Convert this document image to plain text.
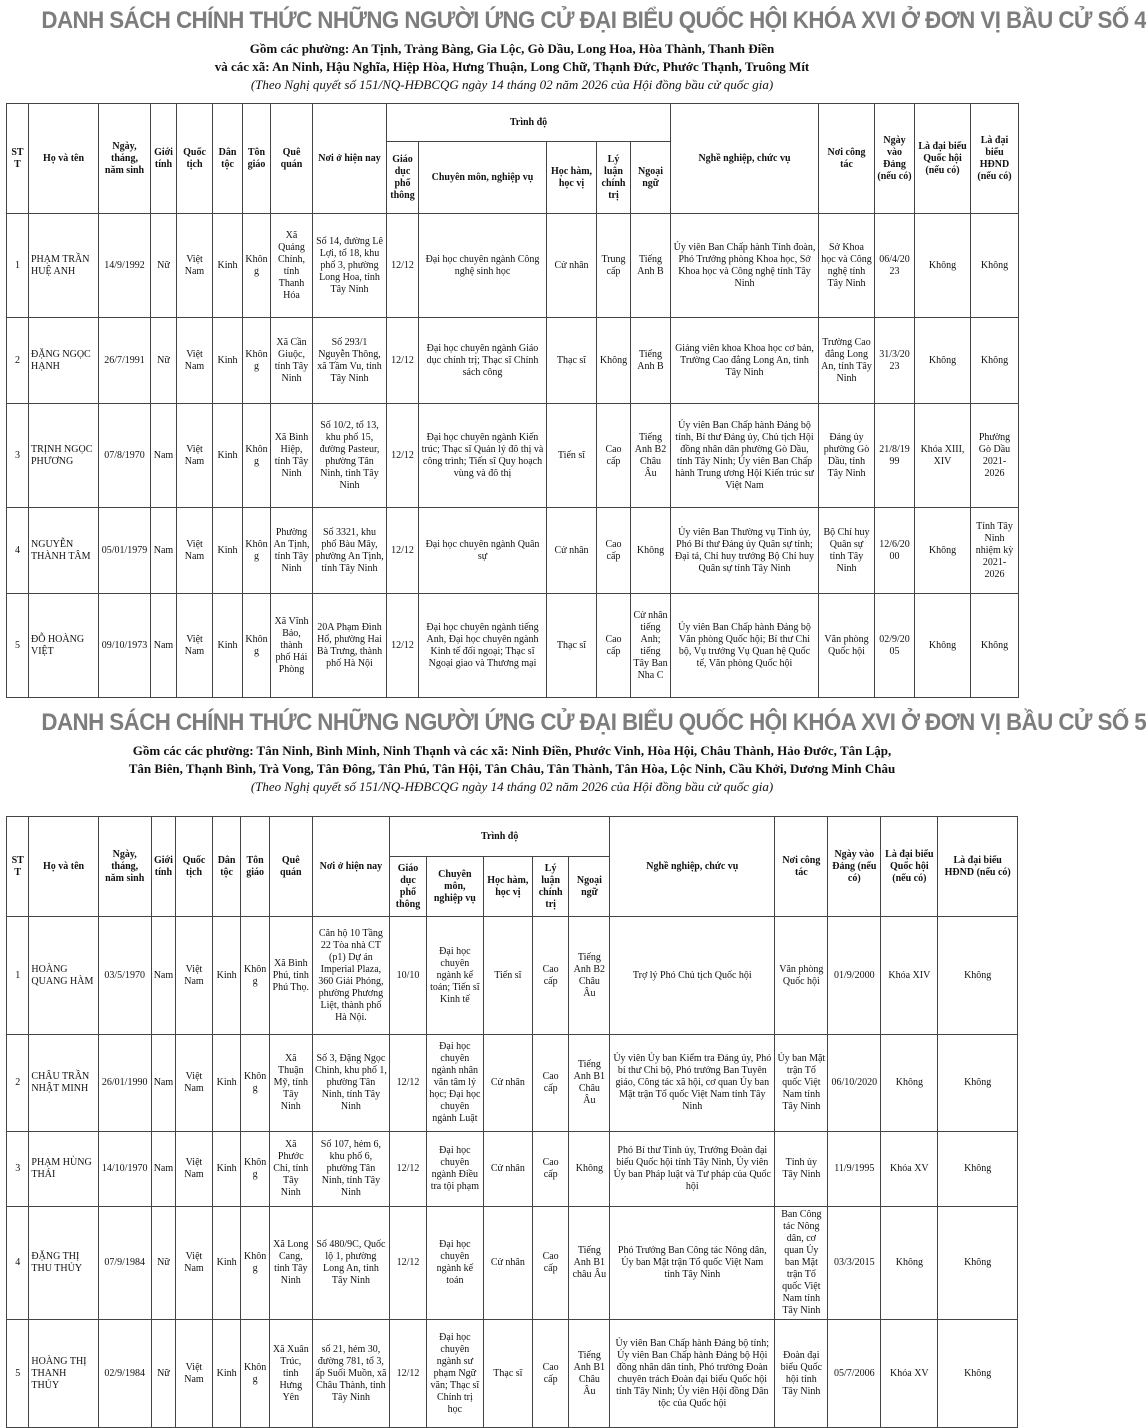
DANH SÁCH CHÍNH THỨC NHỮNG NGƯỜI ỨNG CỬ ĐẠI BIỂU QUỐC HỘI KHÓA XVI Ở ĐƠN VỊ BẦU CỬ SỐ 4
Gồm các phường: An Tịnh, Trảng Bàng, Gia Lộc, Gò Dầu, Long Hoa, Hòa Thành, Thanh Điền
và các xã: An Ninh, Hậu Nghĩa, Hiệp Hòa, Hưng Thuận, Long Chữ, Thạnh Đức, Phước Thạnh, Truông Mít
(Theo Nghị quyết số 151/NQ-HĐBCQG ngày 14 tháng 02 năm 2026 của Hội đồng bầu cử quốc gia)
STT	Họ và tên	Ngày, tháng, năm sinh	Giới tính	Quốc tịch	Dân tộc	Tôn giáo	Quê quán	Nơi ở hiện nay	Trình độ					Nghề nghiệp, chức vụ	Nơi công tác	Ngày vào Đảng (nếu có)	Là đại biểu Quốc hội (nếu có)	Là đại biểu HĐND (nếu có)
									Giáo dục phổ thông	Chuyên môn, nghiệp vụ	Học hàm, học vị	Lý luận chính trị	Ngoại ngữ					
1	PHẠM TRẦN HUỆ ANH	14/9/1992	Nữ	Việt Nam	Kinh	Không	Xã Quảng Chính, tỉnh Thanh Hóa	Số 14, đường Lê Lợi, tổ 18, khu phố 3, phường Long Hoa, tỉnh Tây Ninh	12/12	Đại học chuyên ngành Công nghệ sinh học	Cử nhân	Trung cấp	Tiếng Anh B	Ủy viên Ban Chấp hành Tỉnh đoàn, Phó Trưởng phòng Khoa học, Sở Khoa học và Công nghệ tỉnh Tây Ninh	Sở Khoa học và Công nghệ tỉnh Tây Ninh	06/4/2023	Không	Không
2	ĐẶNG NGỌC HẠNH	26/7/1991	Nữ	Việt Nam	Kinh	Không	Xã Cần Giuộc, tỉnh Tây Ninh	Số 293/1 Nguyễn Thông, xã Tầm Vu, tỉnh Tây Ninh	12/12	Đại học chuyên ngành Giáo dục chính trị; Thạc sĩ Chính sách công	Thạc sĩ	Không	Tiếng Anh B	Giảng viên khoa Khoa học cơ bản, Trường Cao đẳng Long An, tỉnh Tây Ninh	Trường Cao đẳng Long An, tỉnh Tây Ninh	31/3/2023	Không	Không
3	TRỊNH NGỌC PHƯƠNG	07/8/1970	Nam	Việt Nam	Kinh	Không	Xã Bình Hiệp, tỉnh Tây Ninh	Số 10/2, tổ 13, khu phố 15, đường Pasteur, phường Tân Ninh, tỉnh Tây Ninh	12/12	Đại học chuyên ngành Kiến trúc; Thạc sĩ Quản lý đô thị và công trình; Tiến sĩ Quy hoạch vùng và đô thị	Tiến sĩ	Cao cấp	Tiếng Anh B2 Châu Âu	Ủy viên Ban Chấp hành Đảng bộ tỉnh, Bí thư Đảng ủy, Chủ tịch Hội đồng nhân dân phường Gò Dầu, tỉnh Tây Ninh; Ủy viên Ban Chấp hành Trung ương Hội Kiến trúc sư Việt Nam	Đảng ủy phường Gò Dầu, tỉnh Tây Ninh	21/8/1999	Khóa XIII, XIV	Phường Gò Dầu 2021-2026
4	NGUYỄN THÀNH TÂM	05/01/1979	Nam	Việt Nam	Kinh	Không	Phường An Tịnh, tỉnh Tây Ninh	Số 3321, khu phố Bàu Mây, phường An Tịnh, tỉnh Tây Ninh	12/12	Đại học chuyên ngành Quân sự	Cử nhân	Cao cấp	Không	Ủy viên Ban Thường vụ Tỉnh ủy, Phó Bí thư Đảng ủy Quân sự tỉnh; Đại tá, Chỉ huy trưởng Bộ Chỉ huy Quân sự tỉnh Tây Ninh	Bộ Chỉ huy Quân sự tỉnh Tây Ninh	12/6/2000	Không	Tỉnh Tây Ninh nhiệm kỳ 2021-2026
5	ĐỖ HOÀNG VIỆT	09/10/1973	Nam	Việt Nam	Kinh	Không	Xã Vĩnh Bảo, thành phố Hải Phòng	20A Phạm Đình Hổ, phường Hai Bà Trưng, thành phố Hà Nội	12/12	Đại học chuyên ngành tiếng Anh, Đại học chuyên ngành Kinh tế đối ngoại; Thạc sĩ Ngoại giao và Thương mại	Thạc sĩ	Cao cấp	Cử nhân tiếng Anh; tiếng Tây Ban Nha C	Ủy viên Ban Chấp hành Đảng bộ Văn phòng Quốc hội; Bí thư Chi bộ, Vụ trưởng Vụ Quan hệ Quốc tế, Văn phòng Quốc hội	Văn phòng Quốc hội	02/9/2005	Không	Không
DANH SÁCH CHÍNH THỨC NHỮNG NGƯỜI ỨNG CỬ ĐẠI BIỂU QUỐC HỘI KHÓA XVI Ở ĐƠN VỊ BẦU CỬ SỐ 5
Gồm các các phường: Tân Ninh, Bình Minh, Ninh Thạnh và các xã: Ninh Điền, Phước Vinh, Hòa Hội, Châu Thành, Hảo Đước, Tân Lập,
Tân Biên, Thạnh Bình, Trà Vong, Tân Đông, Tân Phú, Tân Hội, Tân Châu, Tân Thành, Tân Hòa, Lộc Ninh, Cầu Khởi, Dương Minh Châu
(Theo Nghị quyết số 151/NQ-HĐBCQG ngày 14 tháng 02 năm 2026 của Hội đồng bầu cử quốc gia)
STT	Họ và tên	Ngày, tháng, năm sinh	Giới tính	Quốc tịch	Dân tộc	Tôn giáo	Quê quán	Nơi ở hiện nay	Trình độ					Nghề nghiệp, chức vụ	Nơi công tác	Ngày vào Đảng (nếu có)	Là đại biểu Quốc hội (nếu có)	Là đại biểu HĐND (nếu có)
									Giáo dục phổ thông	Chuyên môn, nghiệp vụ	Học hàm, học vị	Lý luận chính trị	Ngoại ngữ					
1	HOÀNG QUANG HÀM	03/5/1970	Nam	Việt Nam	Kinh	Không	Xã Bình Phú, tỉnh Phú Thọ.	Căn hộ 10 Tầng 22 Tòa nhà CT (p1) Dự án Imperial Plaza, 360 Giải Phóng, phường Phương Liệt, thành phố Hà Nội.	10/10	Đại học chuyên ngành kế toán; Tiến sĩ Kinh tế	Tiến sĩ	Cao cấp	Tiếng Anh B2 Châu Âu	Trợ lý Phó Chủ tịch Quốc hội	Văn phòng Quốc hội	01/9/2000	Khóa XIV	Không
2	CHÂU TRẦN NHẬT MINH	26/01/1990	Nam	Việt Nam	Kinh	Không	Xã Thuận Mỹ, tỉnh Tây Ninh	Số 3, Đặng Ngọc Chinh, khu phố 1, phường Tân Ninh, tỉnh Tây Ninh	12/12	Đại học chuyên ngành nhân văn tâm lý học; Đại học chuyên ngành Luật	Cử nhân	Cao cấp	Tiếng Anh B1 Châu Âu	Ủy viên Ủy ban Kiểm tra Đảng ủy, Phó bí thư Chi bộ, Phó trưởng Ban Tuyên giáo, Công tác xã hội, cơ quan Ủy ban Mặt trận Tổ quốc Việt Nam tỉnh Tây Ninh	Ủy ban Mặt trận Tổ quốc Việt Nam tỉnh Tây Ninh	06/10/2020	Không	Không
3	PHẠM HÙNG THÁI	14/10/1970	Nam	Việt Nam	Kinh	Không	Xã Phước Chỉ, tỉnh Tây Ninh	Số 107, hẻm 6, khu phố 6, phường Tân Ninh, tỉnh Tây Ninh	12/12	Đại học chuyên ngành Điều tra tội phạm	Cử nhân	Cao cấp	Không	Phó Bí thư Tỉnh ủy, Trưởng Đoàn đại biểu Quốc hội tỉnh Tây Ninh, Ủy viên Ủy ban Pháp luật và Tư pháp của Quốc hội	Tỉnh ủy Tây Ninh	11/9/1995	Khóa XV	Không
4	ĐẶNG THỊ THU THỦY	07/9/1984	Nữ	Việt Nam	Kinh	Không	Xã Long Cang, tỉnh Tây Ninh	Số 480/9C, Quốc lộ 1, phường Long An, tỉnh Tây Ninh	12/12	Đại học chuyên ngành kế toán	Cử nhân	Cao cấp	Tiếng Anh B1 châu Âu	Phó Trưởng Ban Công tác Nông dân, Ủy ban Mặt trận Tổ quốc Việt Nam tỉnh Tây Ninh	Ban Công tác Nông dân, cơ quan Ủy ban Mặt trận Tổ quốc Việt Nam tỉnh Tây Ninh	03/3/2015	Không	Không
5	HOÀNG THỊ THANH THỦY	02/9/1984	Nữ	Việt Nam	Kinh	Không	Xã Xuân Trúc, tỉnh Hưng Yên	số 21, hẻm 30, đường 781, tổ 3, ấp Suối Muồn, xã Châu Thành, tỉnh Tây Ninh	12/12	Đại học chuyên ngành sư phạm Ngữ văn; Thạc sĩ Chính trị học	Thạc sĩ	Cao cấp	Tiếng Anh B1 Châu Âu	Ủy viên Ban Chấp hành Đảng bộ tỉnh; Ủy viên Ban Chấp hành Đảng bộ Hội đồng nhân dân tỉnh, Phó trưởng Đoàn chuyên trách Đoàn đại biểu Quốc hội tỉnh Tây Ninh; Ủy viên Hội đồng Dân tộc của Quốc hội	Đoàn đại biểu Quốc hội tỉnh Tây Ninh	05/7/2006	Khóa XV	Không
